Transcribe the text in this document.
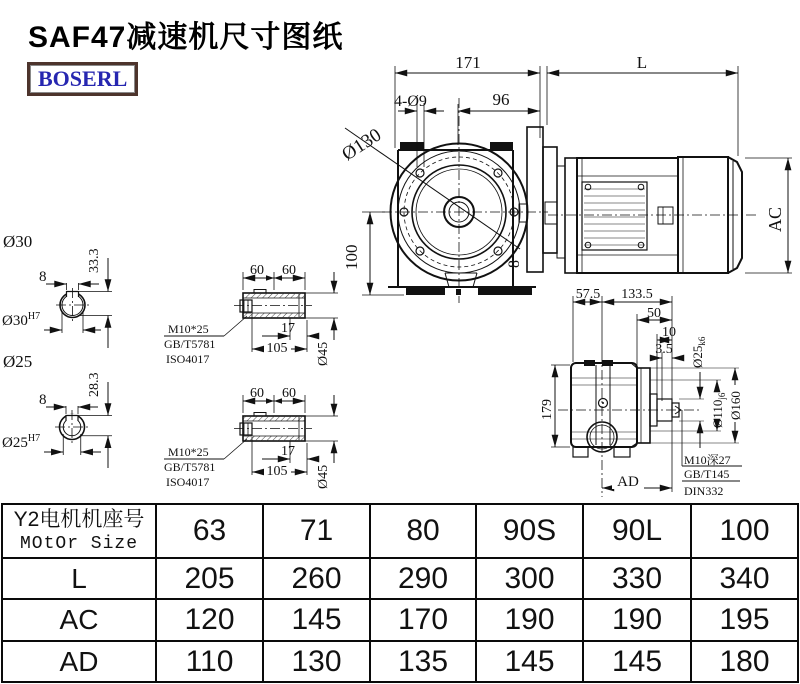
SAF47减速机尺寸图纸
BOSERL
Ø130
8
171	L
96
4-Ø9
100
AC
Ø30
8
33.3
$Ø30^{H7}$
Ø25
8
28.3
$Ø25^{H7}$
60 60
17
105 Ø45
M10*25
GB/T5781
ISO4017
60 60
17
105 Ø45
M10*25
GB/T5781
ISO4017
57.5 133.5
50
10
3.5 $Ø25_{k6}$
$Ø110_{j6}$ Ø160
179
AD
M10深27
GB/T145
DIN332
Y2电机机座号
MOtOr Size	63	71	80	90S	90L	100
L	205	260	290	300	330	340
AC	120	145	170	190	190	195
AD	110	130	135	145	145	180
